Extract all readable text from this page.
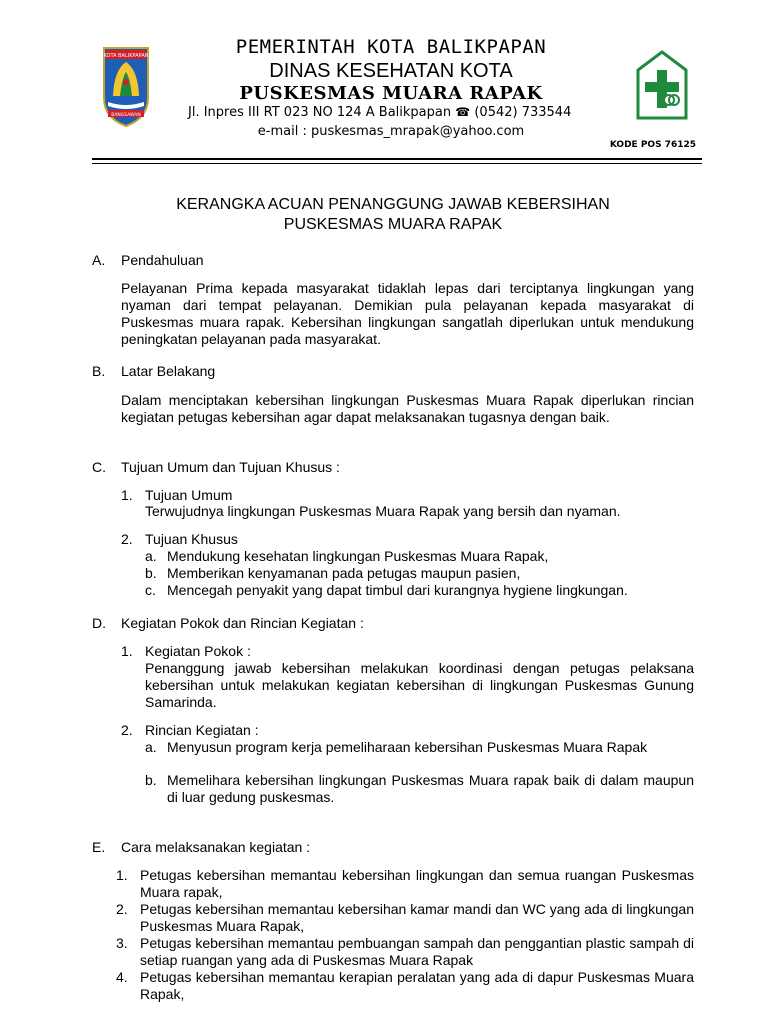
KOTA BALIKPAPAN
BANGSAWAN
PEMERINTAH KOTA BALIKPAPAN
DINAS KESEHATAN KOTA
PUSKESMAS MUARA RAPAK
Jl. Inpres III RT 023 NO 124 A Balikpapan ☎ (0542) 733544
e-mail : puskesmas_mrapak@yahoo.com
KODE POS 76125
KERANGKA ACUAN PENANGGUNG JAWAB KEBERSIHAN
PUSKESMAS MUARA RAPAK
A. Pendahuluan
Pelayanan Prima kepada masyarakat tidaklah lepas dari terciptanya lingkungan yang nyaman dari tempat pelayanan. Demikian pula pelayanan kepada masyarakat di Puskesmas muara rapak. Kebersihan lingkungan sangatlah diperlukan untuk mendukung peningkatan pelayanan pada masyarakat.
B. Latar Belakang
Dalam menciptakan kebersihan lingkungan Puskesmas Muara Rapak diperlukan rincian kegiatan petugas kebersihan agar dapat melaksanakan tugasnya dengan baik.
C. Tujuan Umum dan Tujuan Khusus :
1. Tujuan Umum
Terwujudnya lingkungan Puskesmas Muara Rapak yang bersih dan nyaman.
2. Tujuan Khusus
a. Mendukung kesehatan lingkungan Puskesmas Muara Rapak,
b. Memberikan kenyamanan pada petugas maupun pasien,
c. Mencegah penyakit yang dapat timbul dari kurangnya hygiene lingkungan.
D. Kegiatan Pokok dan Rincian Kegiatan :
1. Kegiatan Pokok :
Penanggung jawab kebersihan melakukan koordinasi dengan petugas pelaksana kebersihan untuk melakukan kegiatan kebersihan di lingkungan Puskesmas Gunung Samarinda.
2. Rincian Kegiatan :
a. Menyusun program kerja pemeliharaan kebersihan Puskesmas Muara Rapak
b. Memelihara kebersihan lingkungan Puskesmas Muara rapak baik di dalam maupun di luar gedung puskesmas.
E. Cara melaksanakan kegiatan :
1. Petugas kebersihan memantau kebersihan lingkungan dan semua ruangan Puskesmas Muara rapak,
2. Petugas kebersihan memantau kebersihan kamar mandi dan WC yang ada di lingkungan Puskesmas Muara Rapak,
3. Petugas kebersihan memantau pembuangan sampah dan penggantian plastic sampah di setiap ruangan yang ada di Puskesmas Muara Rapak
4. Petugas kebersihan memantau kerapian peralatan yang ada di dapur Puskesmas Muara Rapak,
